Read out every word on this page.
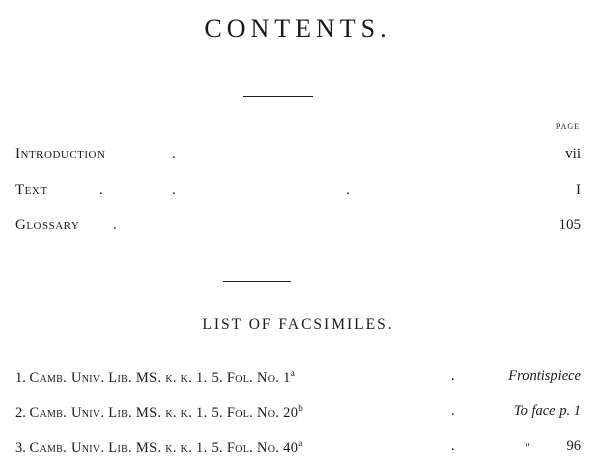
CONTENTS.
PAGE
Introduction	.	vii
Text	.	.	.	I
Glossary .	105
LIST OF FACSIMILES.
1. Camb. Univ. Lib. MS. k. k. 1. 5. Fol. No. 1$^a$	.	Frontispiece
2. Camb. Univ. Lib. MS. k. k. 1. 5. Fol. No. 20$^b$	.	To face p. 1
3. Camb. Univ. Lib. MS. k. k. 1. 5. Fol. No. 40$^a$	.	"	96
